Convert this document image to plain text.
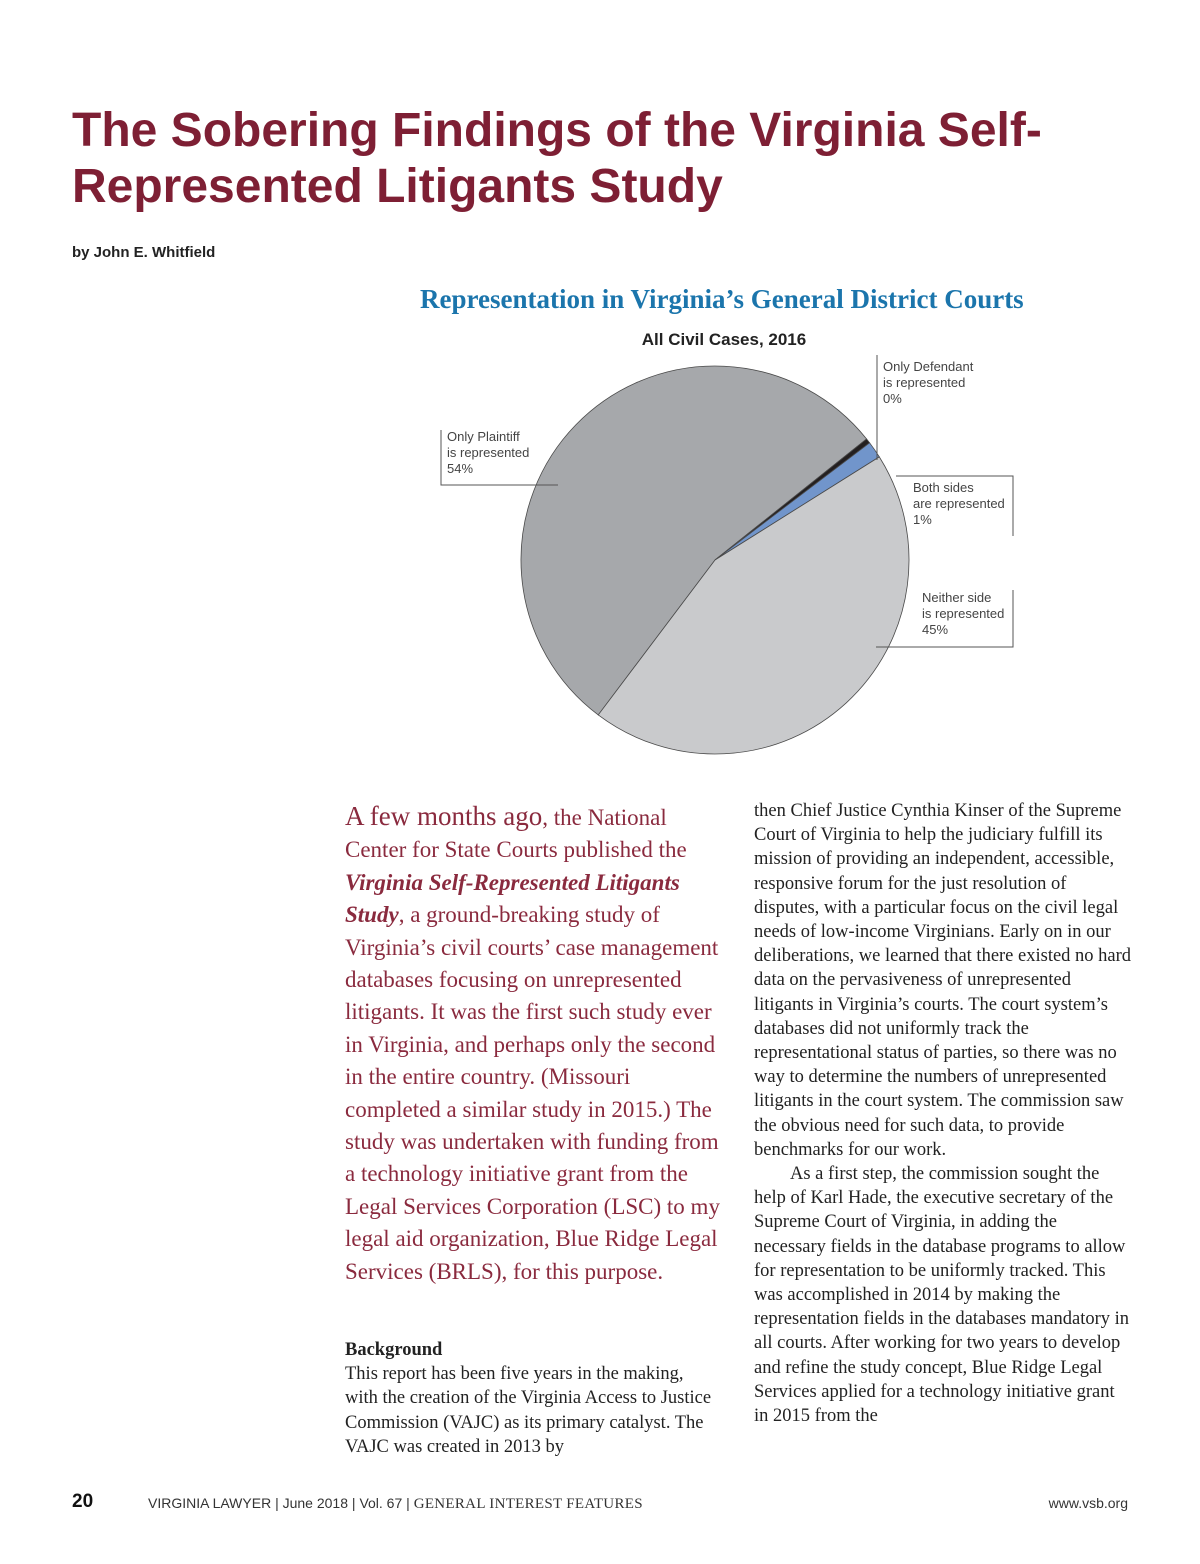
The Sobering Findings of the Virginia Self-Represented Litigants Study
by John E. Whitfield
Representation in Virginia’s General District Courts
All Civil Cases, 2016
Only Plaintiff
is represented
54%
Only Defendant
is represented
0%
Both sides
are represented
1%
Neither side
is represented
45%

A few months ago, the National Center for State Courts published the Virginia Self-Represented Litigants Study, a ground-breaking study of Virginia’s civil courts’ case management databases focusing on unrepresented litigants. It was the first such study ever in Virginia, and perhaps only the second in the entire country. (Missouri completed a similar study in 2015.) The study was undertaken with funding from a technology initiative grant from the Legal Services Corporation (LSC) to my legal aid organization, Blue Ridge Legal Services (BRLS), for this purpose.

Background

This report has been five years in the making, with the creation of the Virginia Access to Justice Commission (VAJC) as its primary catalyst. The VAJC was created in 2013 by

then Chief Justice Cynthia Kinser of the Supreme Court of Virginia to help the judiciary fulfill its mission of providing an independent, accessible, responsive forum for the just resolution of disputes, with a particular focus on the civil legal needs of low-income Virginians. Early on in our deliberations, we learned that there existed no hard data on the pervasiveness of unrepresented litigants in Virginia’s courts. The court system’s databases did not uniformly track the representational status of parties, so there was no way to determine the numbers of unrepresented litigants in the court system. The commission saw the obvious need for such data, to provide benchmarks for our work.

As a first step, the commission sought the help of Karl Hade, the executive secretary of the Supreme Court of Virginia, in adding the necessary fields in the database programs to allow for representation to be uniformly tracked. This was accomplished in 2014 by making the representation fields in the databases mandatory in all courts. After working for two years to develop and refine the study concept, Blue Ridge Legal Services applied for a technology initiative grant in 2015 from the

20	VIRGINIA LAWYER | June 2018 | Vol. 67 | GENERAL INTEREST FEATURES	www.vsb.org
